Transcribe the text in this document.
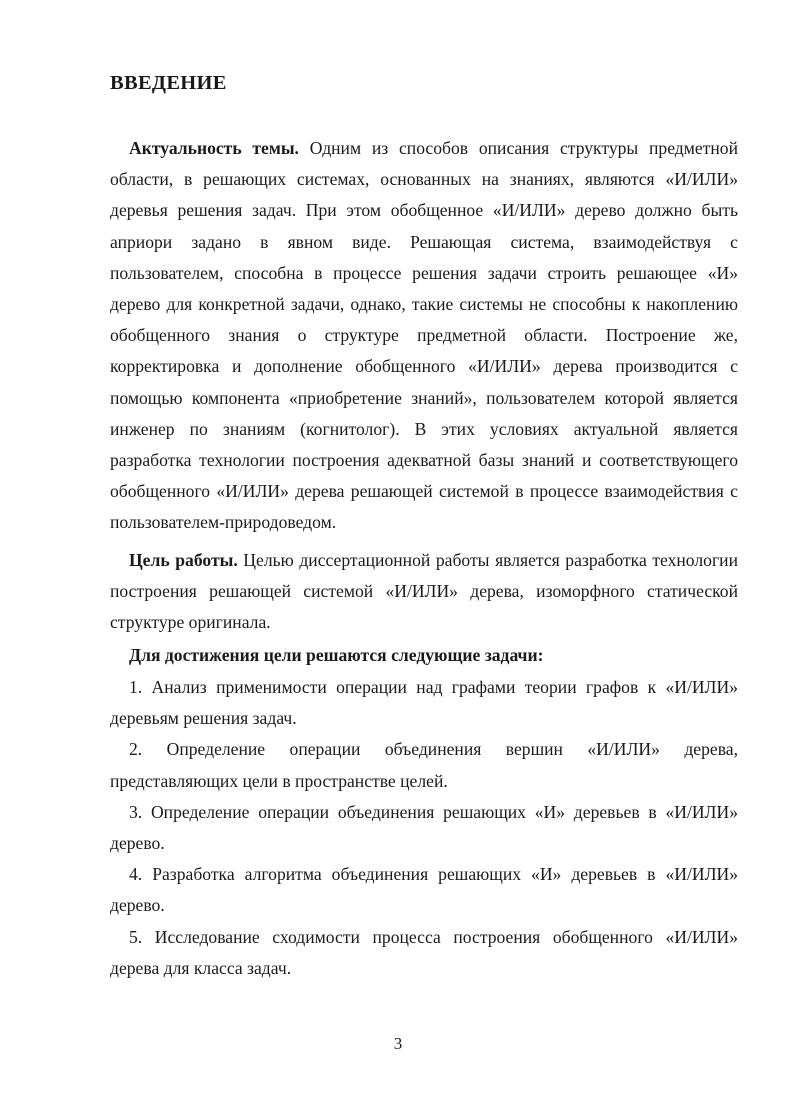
ВВЕДЕНИЕ

Актуальность темы. Одним из способов описания структуры предметной области, в решающих системах, основанных на знаниях, являются «И/ИЛИ» деревья решения задач. При этом обобщенное «И/ИЛИ» дерево должно быть априори задано в явном виде. Решающая система, взаимодействуя с пользователем, способна в процессе решения задачи строить решающее «И» дерево для конкретной задачи, однако, такие системы не способны к накоплению обобщенного знания о структуре предметной области. Построение же, корректировка и дополнение обобщенного «И/ИЛИ» дерева производится с помощью компонента «приобретение знаний», пользователем которой является инженер по знаниям (когнитолог). В этих условиях актуальной является разработка технологии построения адекватной базы знаний и соответствующего обобщенного «И/ИЛИ» дерева решающей системой в процессе взаимодействия с пользователем-природоведом.

Цель работы. Целью диссертационной работы является разработка технологии построения решающей системой «И/ИЛИ» дерева, изоморфного статической структуре оригинала.

Для достижения цели решаются следующие задачи:

1. Анализ применимости операции над графами теории графов к «И/ИЛИ» деревьям решения задач.

2. Определение операции объединения вершин «И/ИЛИ» дерева, представляющих цели в пространстве целей.

3. Определение операции объединения решающих «И» деревьев в «И/ИЛИ» дерево.

4. Разработка алгоритма объединения решающих «И» деревьев в «И/ИЛИ» дерево.

5. Исследование сходимости процесса построения обобщенного «И/ИЛИ» дерева для класса задач.

3
